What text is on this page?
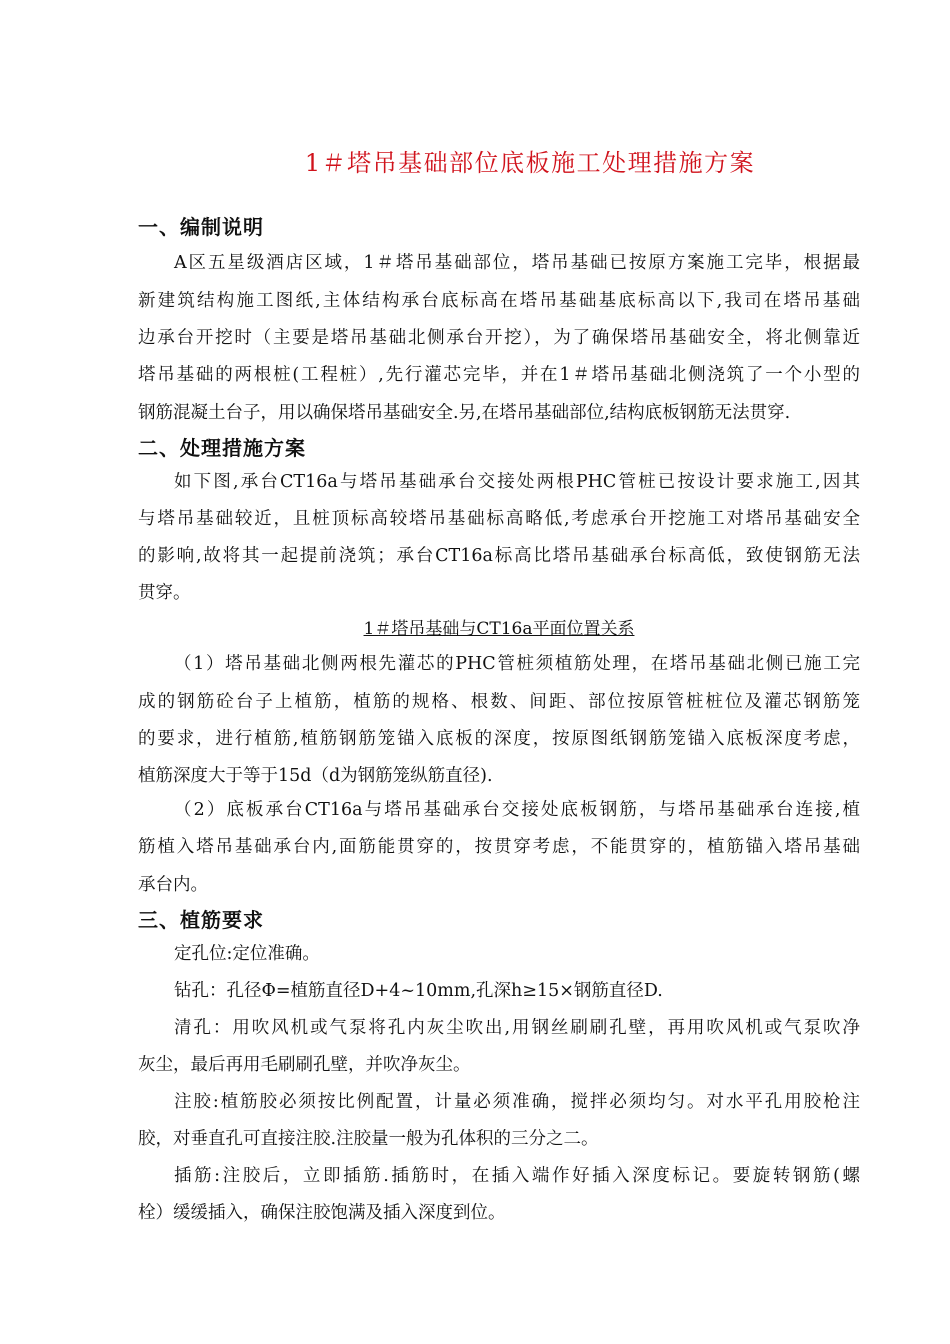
1＃塔吊基础部位底板施工处理措施方案
一、编制说明
A区五星级酒店区域，1＃塔吊基础部位，塔吊基础已按原方案施工完毕，根据最
新建筑结构施工图纸,主体结构承台底标高在塔吊基础基底标高以下,我司在塔吊基础
边承台开挖时（主要是塔吊基础北侧承台开挖），为了确保塔吊基础安全，将北侧靠近
塔吊基础的两根桩(工程桩）,先行灌芯完毕，并在1＃塔吊基础北侧浇筑了一个小型的
钢筋混凝土台子，用以确保塔吊基础安全.另,在塔吊基础部位,结构底板钢筋无法贯穿.
二、处理措施方案
如下图,承台CT16a与塔吊基础承台交接处两根PHC管桩已按设计要求施工,因其
与塔吊基础较近，且桩顶标高较塔吊基础标高略低,考虑承台开挖施工对塔吊基础安全
的影响,故将其一起提前浇筑；承台CT16a标高比塔吊基础承台标高低，致使钢筋无法
贯穿。
1＃塔吊基础与CT16a平面位置关系
（1）塔吊基础北侧两根先灌芯的PHC管桩须植筋处理，在塔吊基础北侧已施工完
成的钢筋砼台子上植筋，植筋的规格、根数、间距、部位按原管桩桩位及灌芯钢筋笼
的要求，进行植筋,植筋钢筋笼锚入底板的深度，按原图纸钢筋笼锚入底板深度考虑，
植筋深度大于等于15d（d为钢筋笼纵筋直径).
（2）底板承台CT16a与塔吊基础承台交接处底板钢筋，与塔吊基础承台连接,植
筋植入塔吊基础承台内,面筋能贯穿的，按贯穿考虑，不能贯穿的，植筋锚入塔吊基础
承台内。
三、植筋要求
定孔位:定位准确。
钻孔：孔径Φ=植筋直径D+4~10mm,孔深h≥15×钢筋直径D.
清孔：用吹风机或气泵将孔内灰尘吹出,用钢丝刷刷孔壁，再用吹风机或气泵吹净
灰尘，最后再用毛刷刷孔壁，并吹净灰尘。
注胶:植筋胶必须按比例配置，计量必须准确，搅拌必须均匀。对水平孔用胶枪注
胶，对垂直孔可直接注胶.注胶量一般为孔体积的三分之二。
插筋:注胶后，立即插筋.插筋时，在插入端作好插入深度标记。要旋转钢筋(螺
栓）缓缓插入，确保注胶饱满及插入深度到位。
